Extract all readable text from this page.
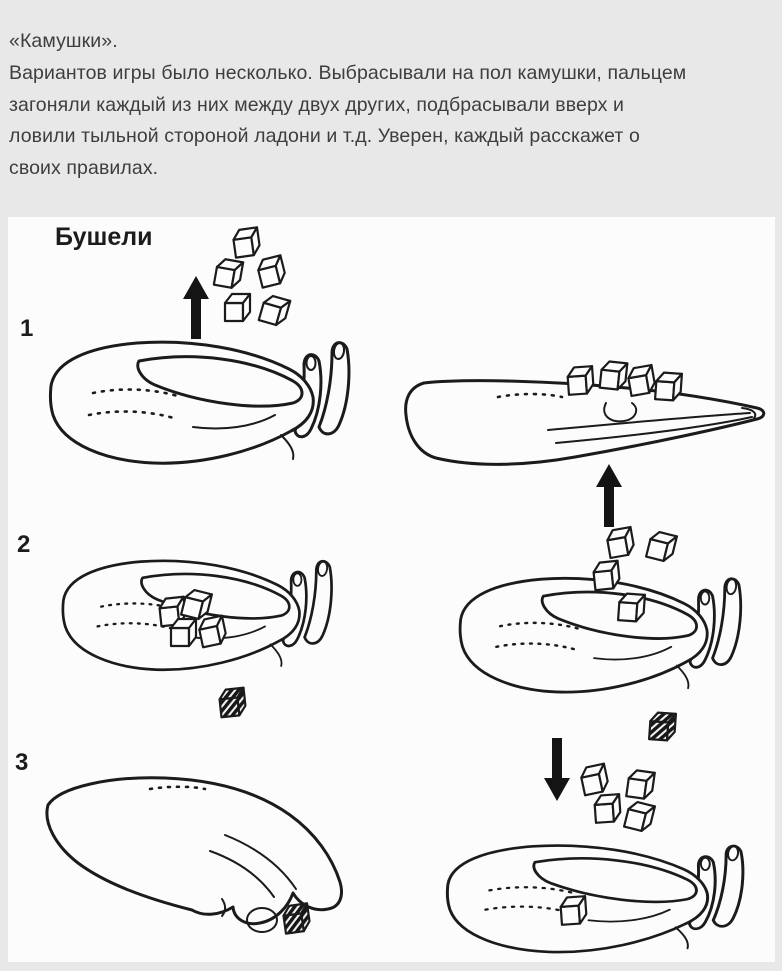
«Камушки».
Вариантов игры было несколько. Выбрасывали на пол камушки, пальцем
загоняли каждый из них между двух других, подбрасывали вверх и
ловили тыльной стороной ладони и т.д. Уверен, каждый расскажет о
своих правилах.
Бушели
1
2
3
